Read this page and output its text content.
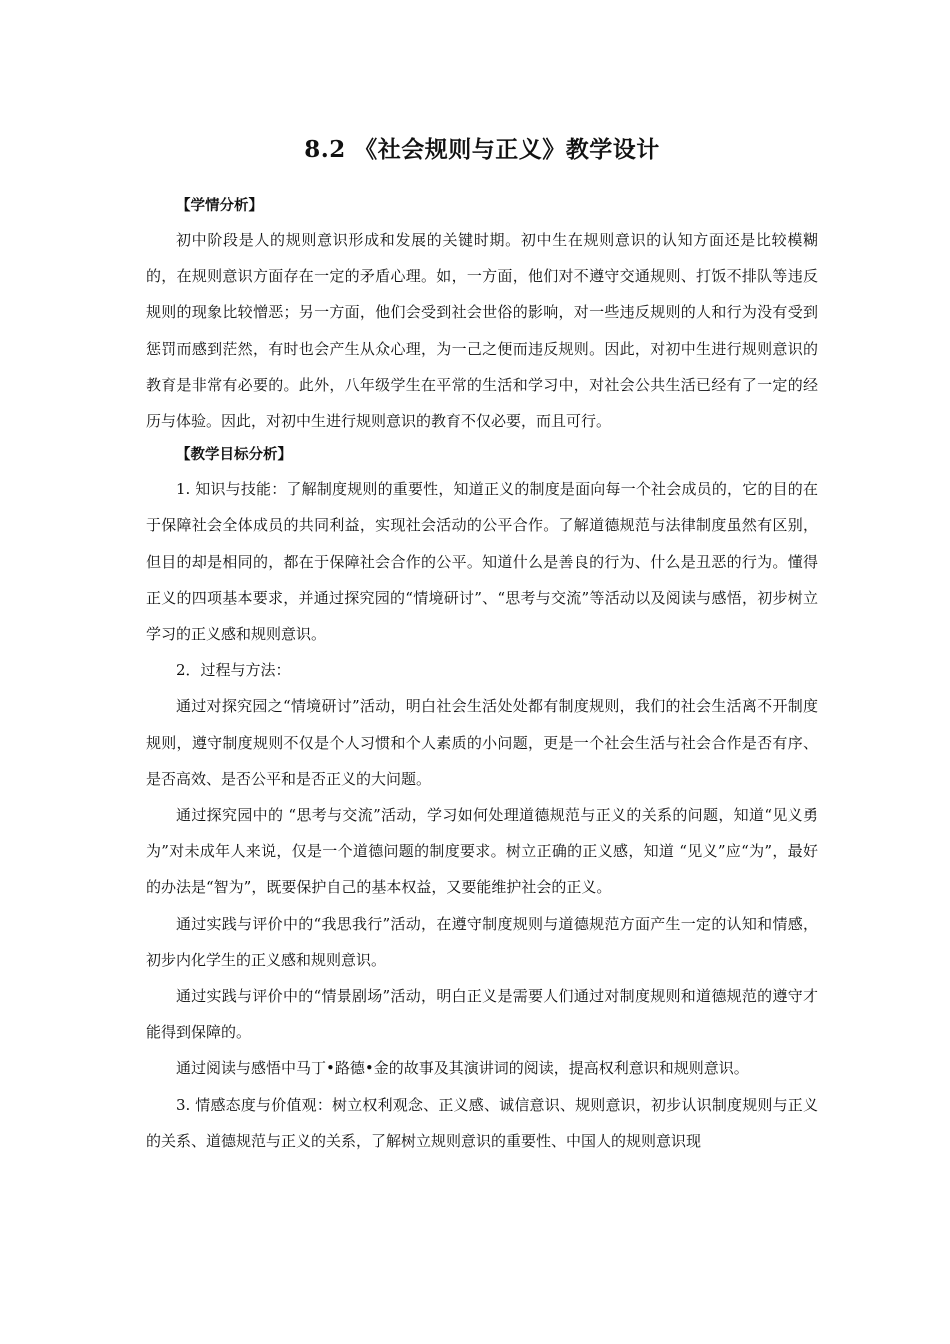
8.2 《社会规则与正义》教学设计

【学情分析】

初中阶段是人的规则意识形成和发展的关键时期。初中生在规则意识的认知方面还是比较模糊的，在规则意识方面存在一定的矛盾心理。如，一方面，他们对不遵守交通规则、打饭不排队等违反规则的现象比较憎恶；另一方面，他们会受到社会世俗的影响，对一些违反规则的人和行为没有受到惩罚而感到茫然，有时也会产生从众心理，为一己之便而违反规则。因此，对初中生进行规则意识的教育是非常有必要的。此外，八年级学生在平常的生活和学习中，对社会公共生活已经有了一定的经历与体验。因此，对初中生进行规则意识的教育不仅必要，而且可行。

【教学目标分析】

1. 知识与技能：了解制度规则的重要性，知道正义的制度是面向每一个社会成员的，它的目的在于保障社会全体成员的共同利益，实现社会活动的公平合作。了解道德规范与法律制度虽然有区别，但目的却是相同的，都在于保障社会合作的公平。知道什么是善良的行为、什么是丑恶的行为。懂得正义的四项基本要求，并通过探究园的“情境研讨”、“思考与交流”等活动以及阅读与感悟，初步树立学习的正义感和规则意识。

2．过程与方法：

通过对探究园之“情境研讨”活动，明白社会生活处处都有制度规则，我们的社会生活离不开制度规则，遵守制度规则不仅是个人习惯和个人素质的小问题，更是一个社会生活与社会合作是否有序、是否高效、是否公平和是否正义的大问题。

通过探究园中的 “思考与交流”活动，学习如何处理道德规范与正义的关系的问题，知道“见义勇为”对未成年人来说，仅是一个道德问题的制度要求。树立正确的正义感，知道 “见义”应“为”，最好的办法是“智为”，既要保护自己的基本权益，又要能维护社会的正义。

通过实践与评价中的“我思我行”活动，在遵守制度规则与道德规范方面产生一定的认知和情感，初步内化学生的正义感和规则意识。

通过实践与评价中的“情景剧场”活动，明白正义是需要人们通过对制度规则和道德规范的遵守才能得到保障的。

通过阅读与感悟中马丁•路德•金的故事及其演讲词的阅读，提高权利意识和规则意识。

3. 情感态度与价值观：树立权利观念、正义感、诚信意识、规则意识，初步认识制度规则与正义的关系、道德规范与正义的关系，了解树立规则意识的重要性、中国人的规则意识现
